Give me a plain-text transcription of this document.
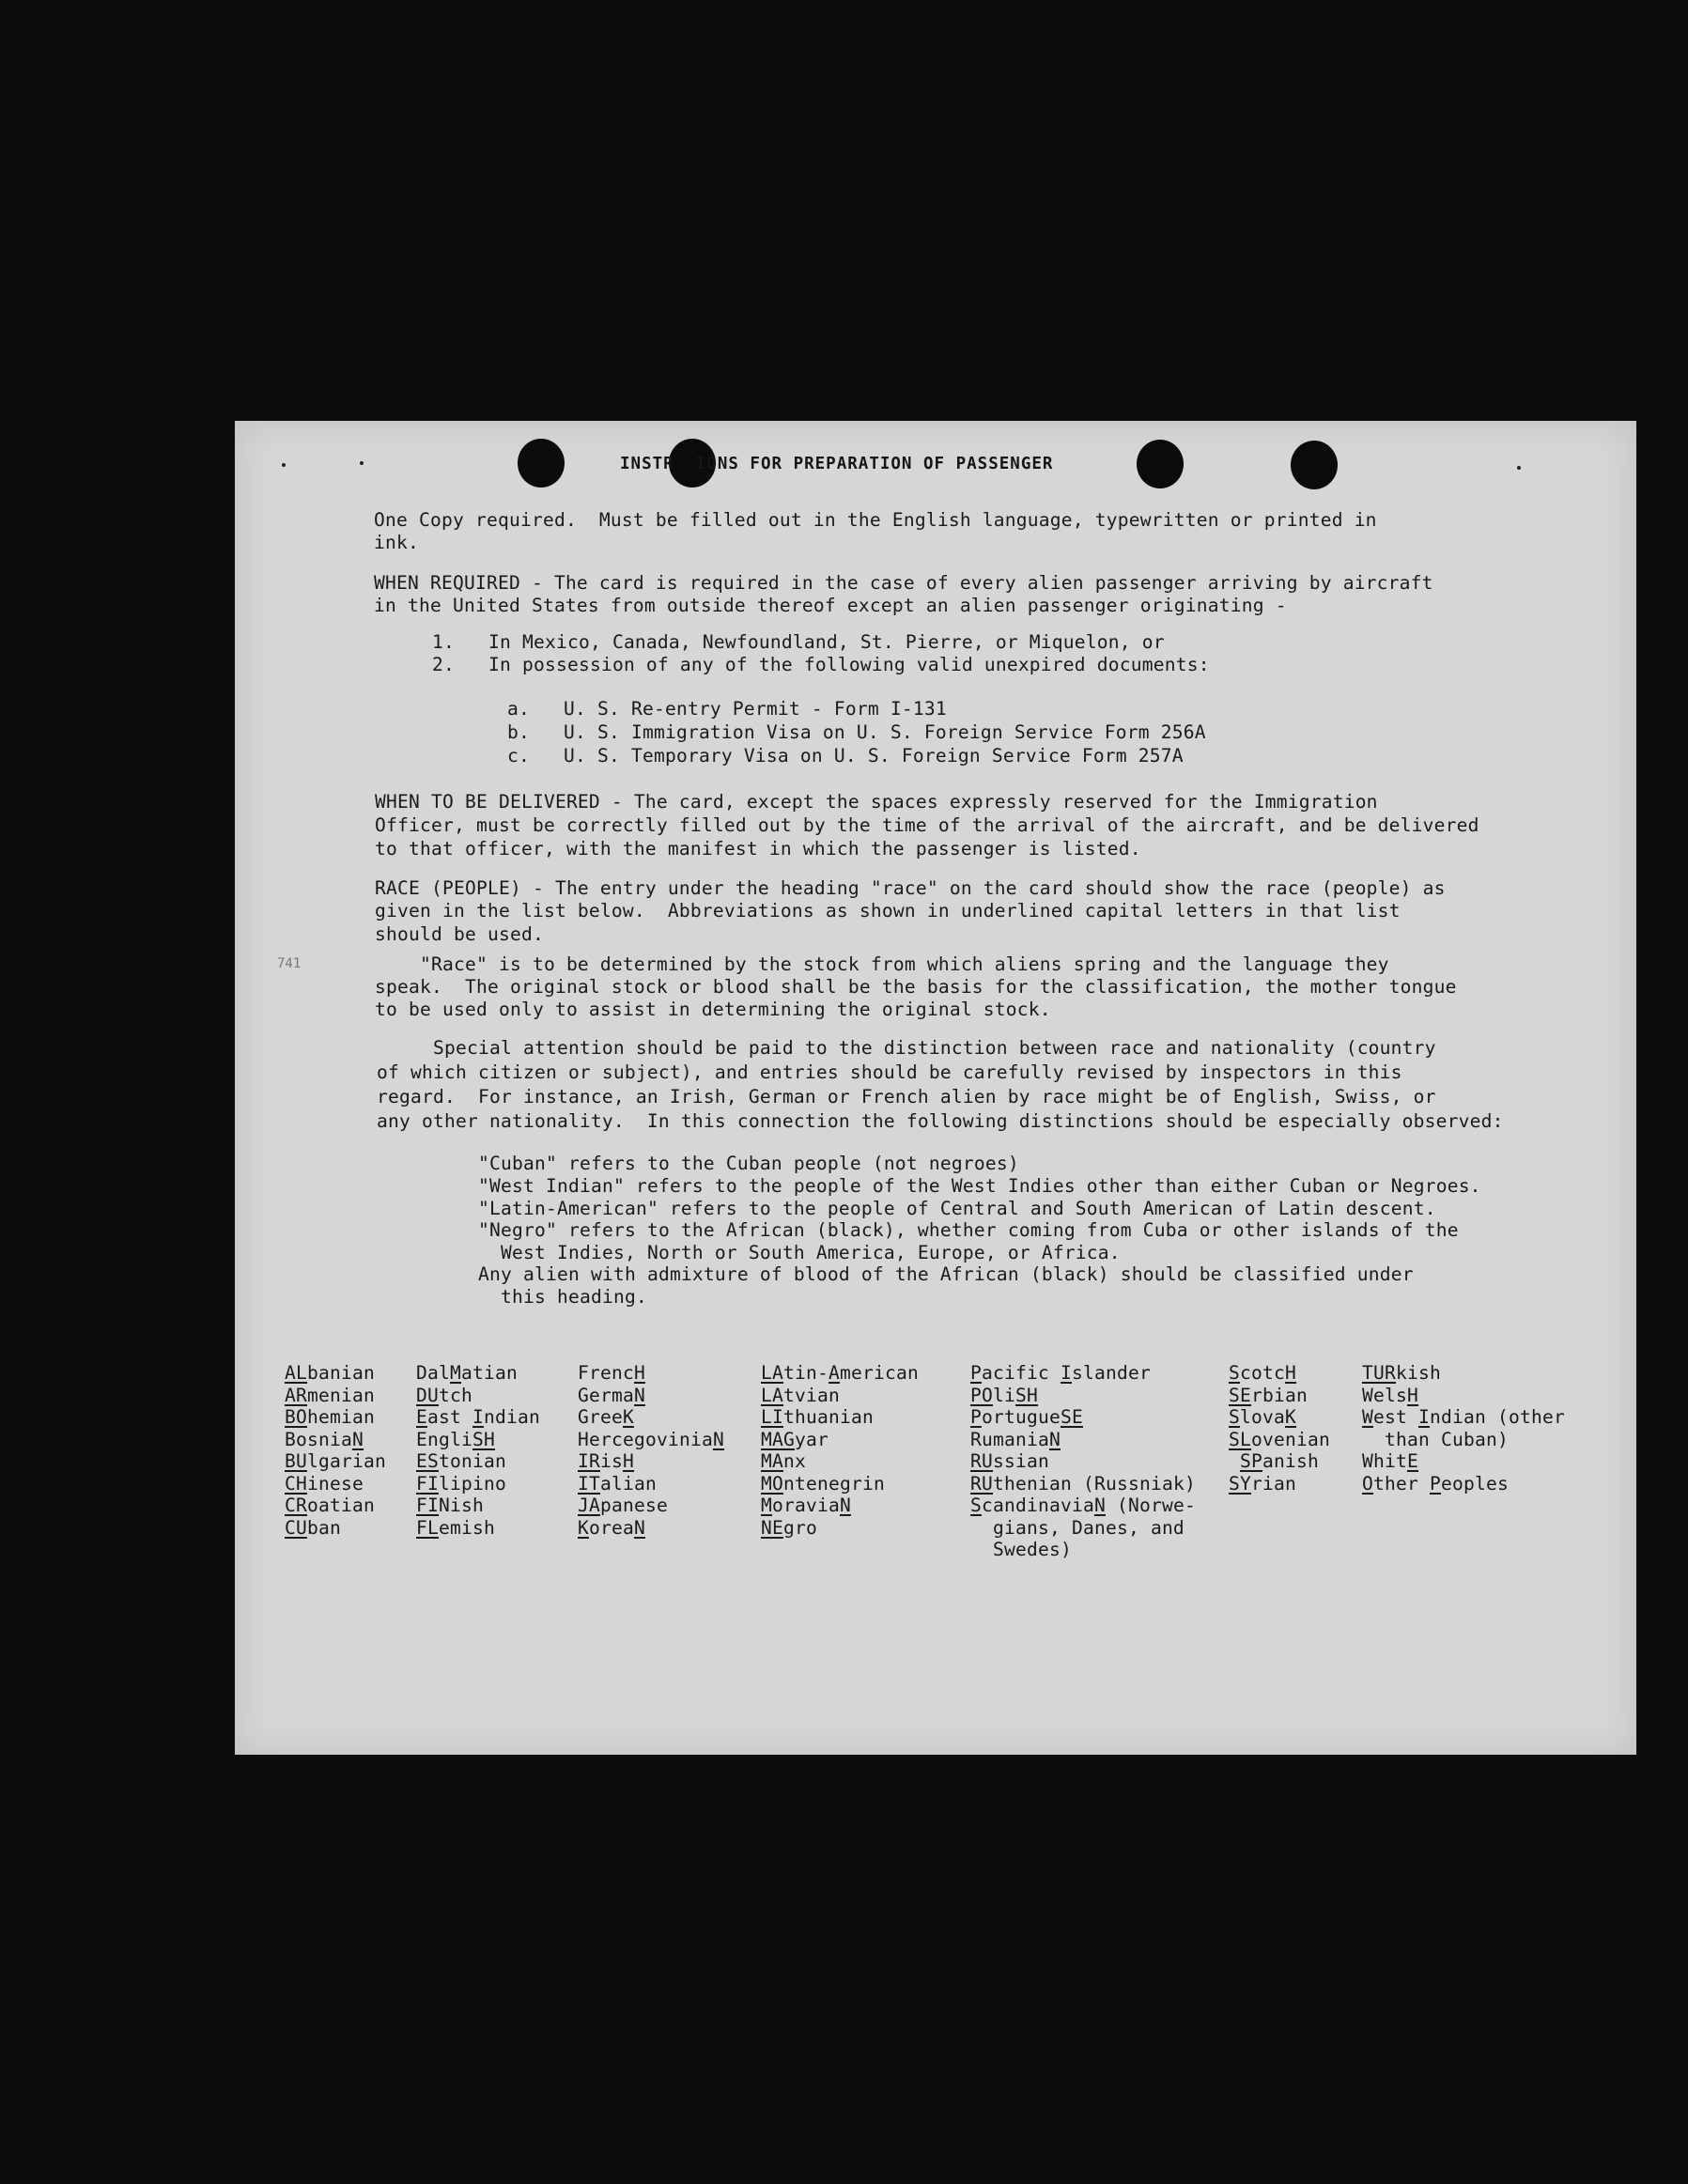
INSTR  IONS FOR PREPARATION OF PASSENGER
One Copy required.  Must be filled out in the English language, typewritten or printed in
ink.
WHEN REQUIRED - The card is required in the case of every alien passenger arriving by aircraft
in the United States from outside thereof except an alien passenger originating -
1.   In Mexico, Canada, Newfoundland, St. Pierre, or Miquelon, or
2.   In possession of any of the following valid unexpired documents:
a.   U. S. Re-entry Permit - Form I-131
b.   U. S. Immigration Visa on U. S. Foreign Service Form 256A
c.   U. S. Temporary Visa on U. S. Foreign Service Form 257A
WHEN TO BE DELIVERED - The card, except the spaces expressly reserved for the Immigration
Officer, must be correctly filled out by the time of the arrival of the aircraft, and be delivered
to that officer, with the manifest in which the passenger is listed.
RACE (PEOPLE) - The entry under the heading "race" on the card should show the race (people) as
given in the list below.  Abbreviations as shown in underlined capital letters in that list
should be used.
"Race" is to be determined by the stock from which aliens spring and the language they
speak.  The original stock or blood shall be the basis for the classification, the mother tongue
to be used only to assist in determining the original stock.
Special attention should be paid to the distinction between race and nationality (country
of which citizen or subject), and entries should be carefully revised by inspectors in this
regard.  For instance, an Irish, German or French alien by race might be of English, Swiss, or
any other nationality.  In this connection the following distinctions should be especially observed:
"Cuban" refers to the Cuban people (not negroes)
"West Indian" refers to the people of the West Indies other than either Cuban or Negroes.
"Latin-American" refers to the people of Central and South American of Latin descent.
"Negro" refers to the African (black), whether coming from Cuba or other islands of the
West Indies, North or South America, Europe, or Africa.
Any alien with admixture of blood of the African (black) should be classified under
this heading.
ALbanian
ARmenian
BOhemian
BosniaN
BUlgarian
CHinese
CRoatian
CUban
DalMatian
DUtch
East Indian
EngliSH
EStonian
FIlipino
FINish
FLemish
FrencH
GermaN
GreeK
HercegoviniaN
IRisH
ITalian
JApanese
KoreaN
LAtin-American
LAtvian
LIthuanian
MAGyar
MAnx
MOntenegrin
MoraviaN
NEgro
Pacific Islander
POliSH
PortugueSE
RumaniaN
RUssian
RUthenian (Russniak)
ScandinaviaN (Norwe-
gians, Danes, and
Swedes)
ScotcH
SErbian
SlovaK
SLovenian
SPanish
SYrian
TURkish
WelsH
West Indian (other
than Cuban)
WhitE
Other Peoples
741
